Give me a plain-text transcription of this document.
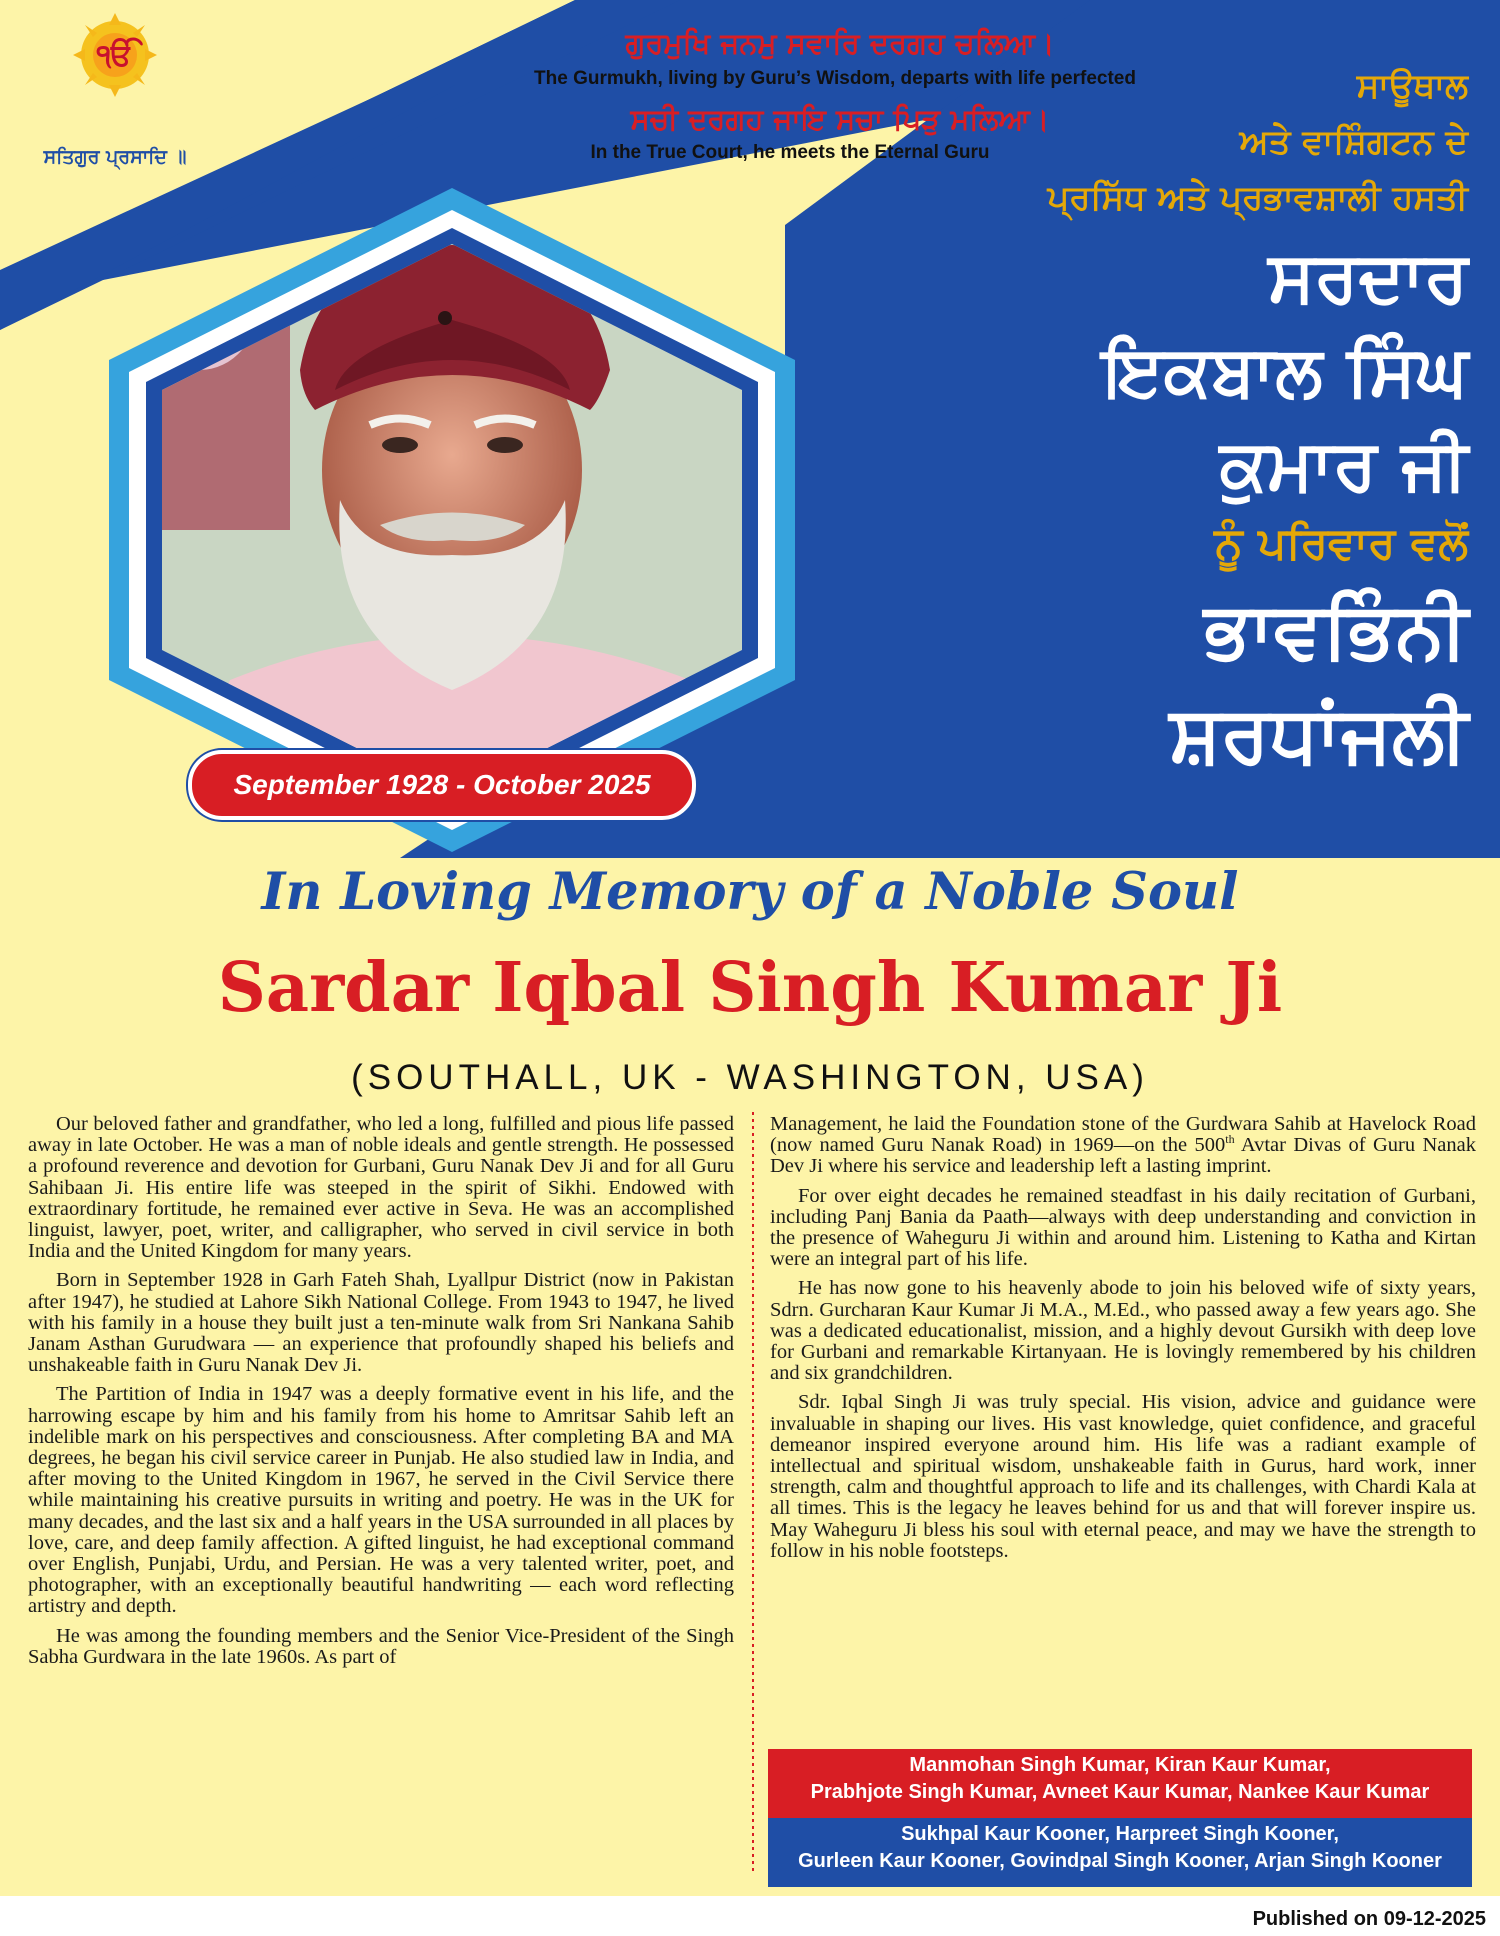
ੴ
ਸਤਿਗੁਰ ਪ੍ਰਸਾਦਿ ॥
ਗੁਰਮੁਖਿ ਜਨਮੁ ਸਵਾਰਿ ਦਰਗਹ ਚਲਿਆ।
The Gurmukh, living by Guru’s Wisdom, departs with life perfected
ਸਚੀ ਦਰਗਹ ਜਾਇ ਸਚਾ ਪਿੜੁ ਮਲਿਆ।
In the True Court, he meets the Eternal Guru
ਸਾਊਥਾਲ
ਅਤੇ ਵਾਸ਼ਿੰਗਟਨ ਦੇ
ਪ੍ਰਸਿੱਧ ਅਤੇ ਪ੍ਰਭਾਵਸ਼ਾਲੀ ਹਸਤੀ
ਸਰਦਾਰ
ਇਕਬਾਲ ਸਿੰਘ
ਕੁਮਾਰ ਜੀ
ਨੂੰ ਪਰਿਵਾਰ ਵਲੋਂ
ਭਾਵਭਿੰਨੀ
ਸ਼ਰਧਾਂਜਲੀ
September 1928 - October 2025
In Loving Memory of a Noble Soul
Sardar Iqbal Singh Kumar Ji
(SOUTHALL, UK - WASHINGTON, USA)

Our beloved father and grandfather, who led a long, fulfilled and pious life passed away in late October. He was a man of noble ideals and gentle strength. He possessed a profound reverence and devotion for Gurbani, Guru Nanak Dev Ji and for all Guru Sahibaan Ji. His entire life was steeped in the spirit of Sikhi. Endowed with extraordinary fortitude, he remained ever active in Seva. He was an accomplished linguist, lawyer, poet, writer, and calligrapher, who served in civil service in both India and the United Kingdom for many years.

Born in September 1928 in Garh Fateh Shah, Lyallpur District (now in Pakistan after 1947), he studied at Lahore Sikh National College. From 1943 to 1947, he lived with his family in a house they built just a ten-minute walk from Sri Nankana Sahib Janam Asthan Gurudwara — an experience that profoundly shaped his beliefs and unshakeable faith in Guru Nanak Dev Ji.

The Partition of India in 1947 was a deeply formative event in his life, and the harrowing escape by him and his family from his home to Amritsar Sahib left an indelible mark on his perspectives and consciousness. After completing BA and MA degrees, he began his civil service career in Punjab. He also studied law in India, and after moving to the United Kingdom in 1967, he served in the Civil Service there while maintaining his creative pursuits in writing and poetry. He was in the UK for many decades, and the last six and a half years in the USA surrounded in all places by love, care, and deep family affection. A gifted linguist, he had exceptional command over English, Punjabi, Urdu, and Persian. He was a very talented writer, poet, and photographer, with an exceptionally beautiful handwriting — each word reflecting artistry and depth.

He was among the founding members and the Senior Vice-President of the Singh Sabha Gurdwara in the late 1960s. As part of

Management, he laid the Foundation stone of the Gurdwara Sahib at Havelock Road (now named Guru Nanak Road) in 1969—on the 500th Avtar Divas of Guru Nanak Dev Ji where his service and leadership left a lasting imprint.

For over eight decades he remained steadfast in his daily recitation of Gurbani, including Panj Bania da Paath—always with deep understanding and conviction in the presence of Waheguru Ji within and around him. Listening to Katha and Kirtan were an integral part of his life.

He has now gone to his heavenly abode to join his beloved wife of sixty years, Sdrn. Gurcharan Kaur Kumar Ji M.A., M.Ed., who passed away a few years ago. She was a dedicated educationalist, mission, and a highly devout Gursikh with deep love for Gurbani and remarkable Kirtanyaan. He is lovingly remembered by his children and six grandchildren.

Sdr. Iqbal Singh Ji was truly special. His vision, advice and guidance were invaluable in shaping our lives. His vast knowledge, quiet confidence, and graceful demeanor inspired everyone around him. His life was a radiant example of intellectual and spiritual wisdom, unshakeable faith in Gurus, hard work, inner strength, calm and thoughtful approach to life and its challenges, with Chardi Kala at all times. This is the legacy he leaves behind for us and that will forever inspire us. May Waheguru Ji bless his soul with eternal peace, and may we have the strength to follow in his noble footsteps.

Manmohan Singh Kumar, Kiran Kaur Kumar,
Prabhjote Singh Kumar, Avneet Kaur Kumar, Nankee Kaur Kumar
Sukhpal Kaur Kooner, Harpreet Singh Kooner,
Gurleen Kaur Kooner, Govindpal Singh Kooner, Arjan Singh Kooner
Published on 09-12-2025
